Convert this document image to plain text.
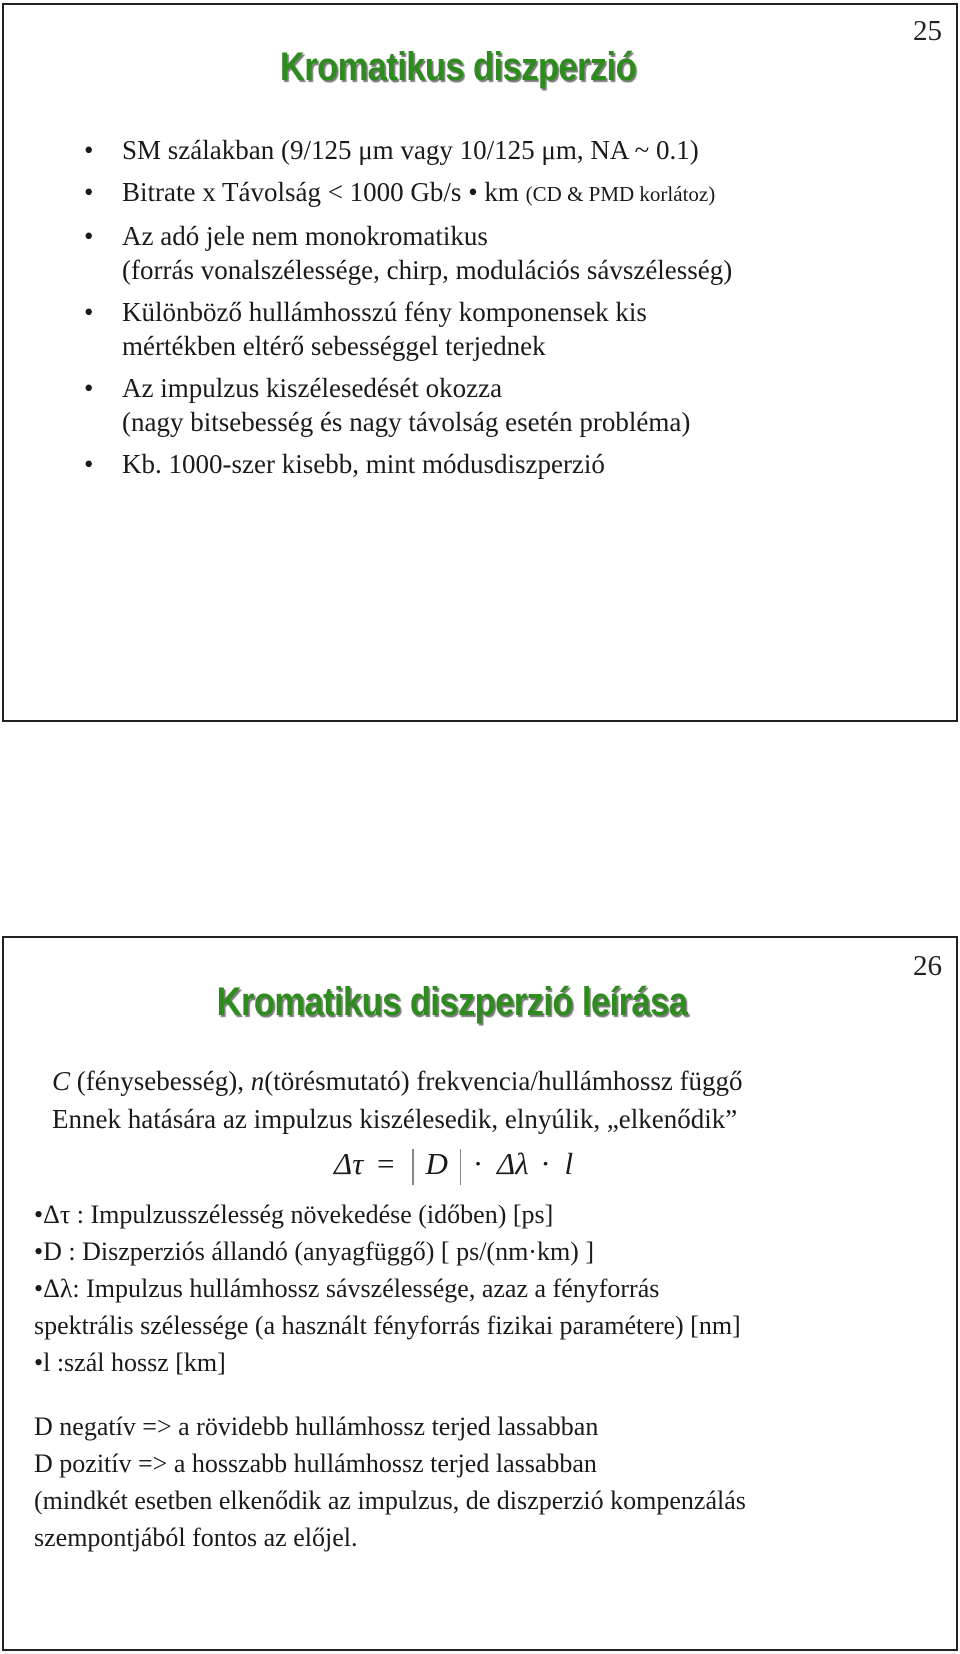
25
Kromatikus diszperzió
• SM szálakban (9/125 μm vagy 10/125 μm, NA ~ 0.1)
• Bitrate x Távolság < 1000 Gb/s • km (CD & PMD korlátoz)
• Az adó jele nem monokromatikus
(forrás vonalszélessége, chirp, modulációs sávszélesség)
• Különböző hullámhosszú fény komponensek kis
mértékben eltérő sebességgel terjednek
• Az impulzus kiszélesedését okozza
(nagy bitsebesség és nagy távolság esetén probléma)
• Kb. 1000-szer kisebb, mint módusdiszperzió
26
Kromatikus diszperzió leírása
C (fénysebesség), n(törésmutató) frekvencia/hullámhossz függő
Ennek hatására az impulzus kiszélesedik, elnyúlik, „elkenődik”
Δτ = D · Δλ · l
•Δτ : Impulzusszélesség növekedése (időben) [ps]
•D : Diszperziós állandó (anyagfüggő) [ ps/(nm·km) ]
•Δλ: Impulzus hullámhossz sávszélessége, azaz a fényforrás
spektrális szélessége (a használt fényforrás fizikai paramétere) [nm]
•l :szál hossz [km]
D negatív => a rövidebb hullámhossz terjed lassabban
D pozitív => a hosszabb hullámhossz terjed lassabban
(mindkét esetben elkenődik az impulzus, de diszperzió kompenzálás
szempontjából fontos az előjel.
